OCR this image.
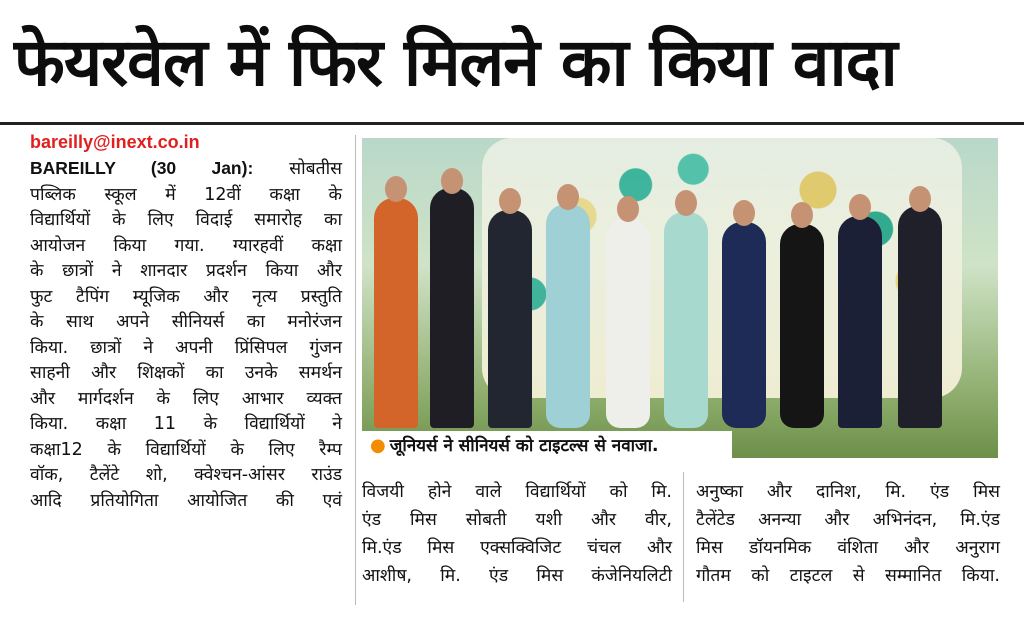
फेयरवेल में फिर मिलने का किया वादा
bareilly@inext.co.in
BAREILLY (30 Jan): सोबतीस
पब्लिक स्कूल में 12वीं कक्षा के
विद्यार्थियों के लिए विदाई समारोह का
आयोजन किया गया. ग्यारहवीं कक्षा
के छात्रों ने शानदार प्रदर्शन किया और
फुट टैपिंग म्यूजिक और नृत्य प्रस्तुति
के साथ अपने सीनियर्स का मनोरंजन
किया. छात्रों ने अपनी प्रिंसिपल गुंजन
साहनी और शिक्षकों का उनके समर्थन
और मार्गदर्शन के लिए आभार व्यक्त
किया. कक्षा 11 के विद्यार्थियों ने
कक्षा12 के विद्यार्थियों के लिए रैम्प
वॉक, टैलेंटे शो, क्वेश्चन-आंसर राउंड
आदि प्रतियोगिता आयोजित की एवं
● जूनियर्स ने सीनियर्स को टाइटल्स से नवाजा.
विजयी होने वाले विद्यार्थियों को मि.
एंड मिस सोबती यशी और वीर,
मि.एंड मिस एक्सक्विजिट चंचल और
आशीष, मि. एंड मिस कंजेनियलिटी
अनुष्का और दानिश, मि. एंड मिस
टैलेंटेड अनन्या और अभिनंदन, मि.एंड
मिस डॉयनमिक वंशिता और अनुराग
गौतम को टाइटल से सम्मानित किया.
